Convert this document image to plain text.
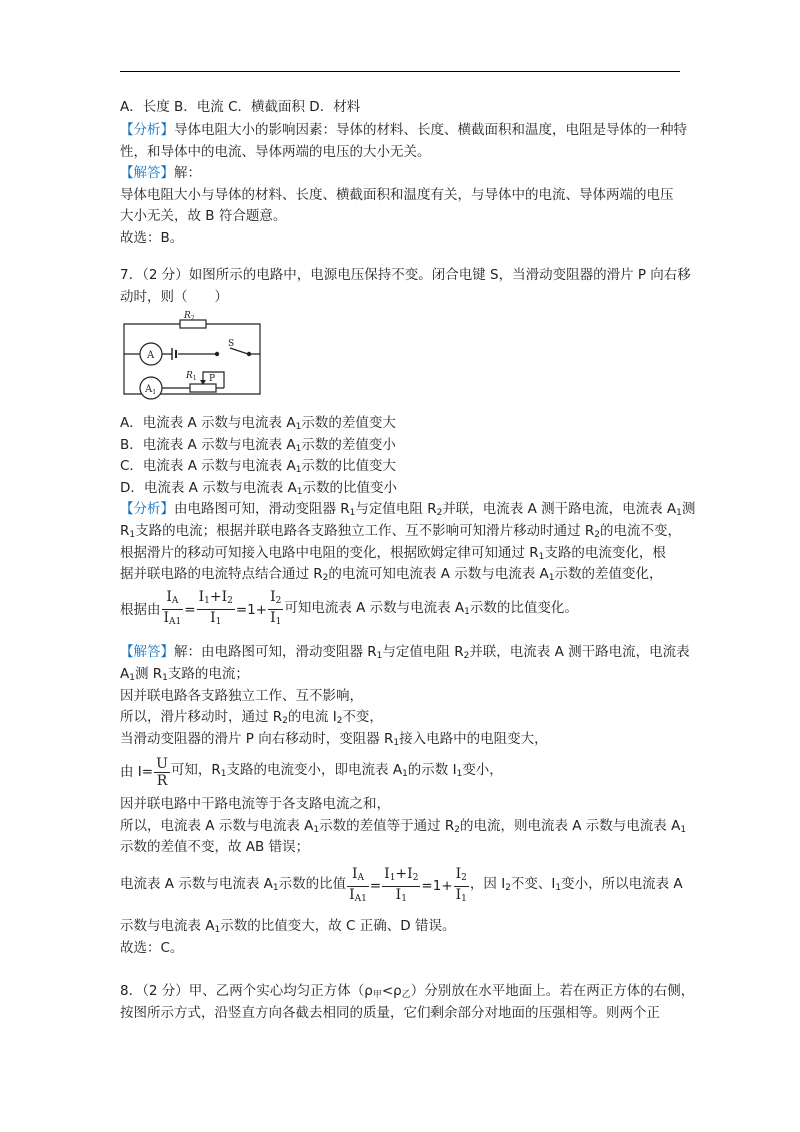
A．长度 B．电流 C．横截面积 D．材料
【分析】导体电阻大小的影响因素：导体的材料、长度、横截面积和温度，电阻是导体的一种特
性，和导体中的电流、导体两端的电压的大小无关。
【解答】解：
导体电阻大小与导体的材料、长度、横截面积和温度有关，与导体中的电流、导体两端的电压
大小无关，故 B 符合题意。
故选：B。
7．（2 分）如图所示的电路中，电源电压保持不变。闭合电键 S，当滑动变阻器的滑片 P 向右移
动时，则（　　）
$R_2$
A
S
$A_1$
$R_1$ P
A．电流表 A 示数与电流表 $A_1$示数的差值变大
B．电流表 A 示数与电流表 $A_1$示数的差值变小
C．电流表 A 示数与电流表 $A_1$示数的比值变大
D．电流表 A 示数与电流表 $A_1$示数的比值变小
【分析】由电路图可知，滑动变阻器 $R_1$与定值电阻 $R_2$并联，电流表 A 测干路电流，电流表 $A_1$测
$R_1$支路的电流；根据并联电路各支路独立工作、互不影响可知滑片移动时通过 $R_2$的电流不变，
根据滑片的移动可知接入电路中电阻的变化，根据欧姆定律可知通过 $R_1$支路的电流变化，根
据并联电路的电流特点结合通过 $R_2$的电流可知电流表 A 示数与电流表 $A_1$示数的差值变化，
根据由 $\frac{IA}{IA1} = \frac{I1+I2}{I1} =1+ \frac{I2}{I1}$ 可知电流表 A 示数与电流表 $A_1$示数的比值变化。
【解答】解：由电路图可知，滑动变阻器 $R_1$与定值电阻 $R_2$并联，电流表 A 测干路电流，电流表
$A_1$测 $R_1$支路的电流；
因并联电路各支路独立工作、互不影响，
所以，滑片移动时，通过 $R_2$的电流 $I_2$不变，
当滑动变阻器的滑片 P 向右移动时，变阻器 $R_1$接入电路中的电阻变大，
由 $I= \frac{U}{R}$ 可知，$R_1$支路的电流变小，即电流表 $A_1$的示数 $I_1$变小，
因并联电路中干路电流等于各支路电流之和，
所以，电流表 A 示数与电流表 $A_1$示数的差值等于通过 $R_2$的电流，则电流表 A 示数与电流表 $A_1$
示数的差值不变，故 AB 错误；
电流表 A 示数与电流表 $A_1$示数的比值 $\frac{IA}{IA1} = \frac{I1+I2}{I1} =1+ \frac{I2}{I1}$ ，因 $I_2$不变、$I_1$变小，所以电流表 A
示数与电流表 $A_1$示数的比值变大，故 C 正确、D 错误。
故选：C。
8．（2 分）甲、乙两个实心均匀正方体$(\rho_甲<\rho_乙)$分别放在水平地面上。若在两正方体的右侧，
按图所示方式，沿竖直方向各截去相同的质量，它们剩余部分对地面的压强相等。则两个正
